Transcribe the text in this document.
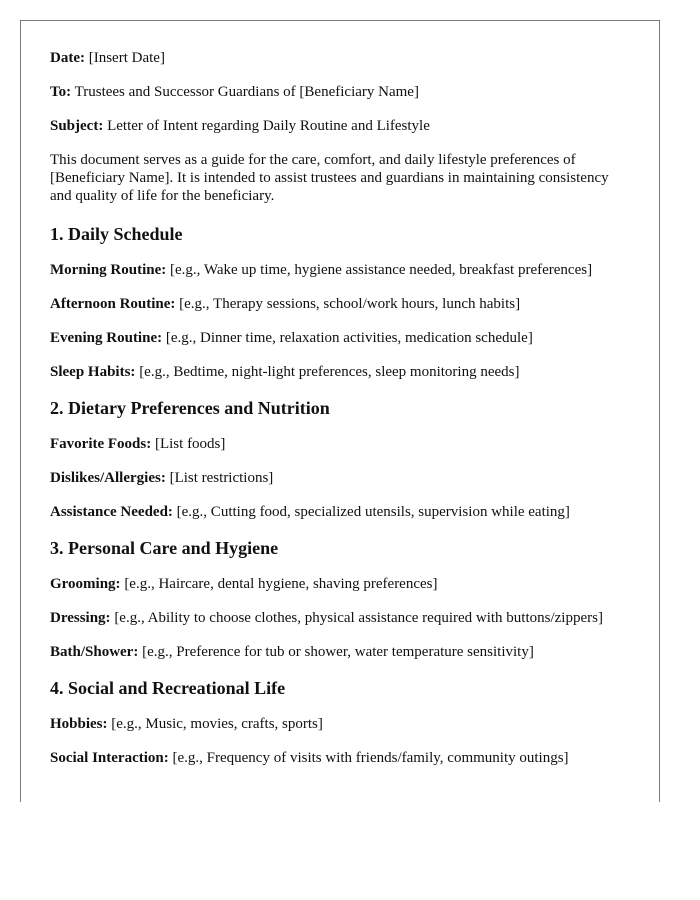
Date: [Insert Date]

To: Trustees and Successor Guardians of [Beneficiary Name]

Subject: Letter of Intent regarding Daily Routine and Lifestyle

This document serves as a guide for the care, comfort, and daily lifestyle preferences of [Beneficiary Name]. It is intended to assist trustees and guardians in maintaining consistency and quality of life for the beneficiary.

1. Daily Schedule

Morning Routine: [e.g., Wake up time, hygiene assistance needed, breakfast preferences]

Afternoon Routine: [e.g., Therapy sessions, school/work hours, lunch habits]

Evening Routine: [e.g., Dinner time, relaxation activities, medication schedule]

Sleep Habits: [e.g., Bedtime, night-light preferences, sleep monitoring needs]

2. Dietary Preferences and Nutrition

Favorite Foods: [List foods]

Dislikes/Allergies: [List restrictions]

Assistance Needed: [e.g., Cutting food, specialized utensils, supervision while eating]

3. Personal Care and Hygiene

Grooming: [e.g., Haircare, dental hygiene, shaving preferences]

Dressing: [e.g., Ability to choose clothes, physical assistance required with buttons/zippers]

Bath/Shower: [e.g., Preference for tub or shower, water temperature sensitivity]

4. Social and Recreational Life

Hobbies: [e.g., Music, movies, crafts, sports]

Social Interaction: [e.g., Frequency of visits with friends/family, community outings]
